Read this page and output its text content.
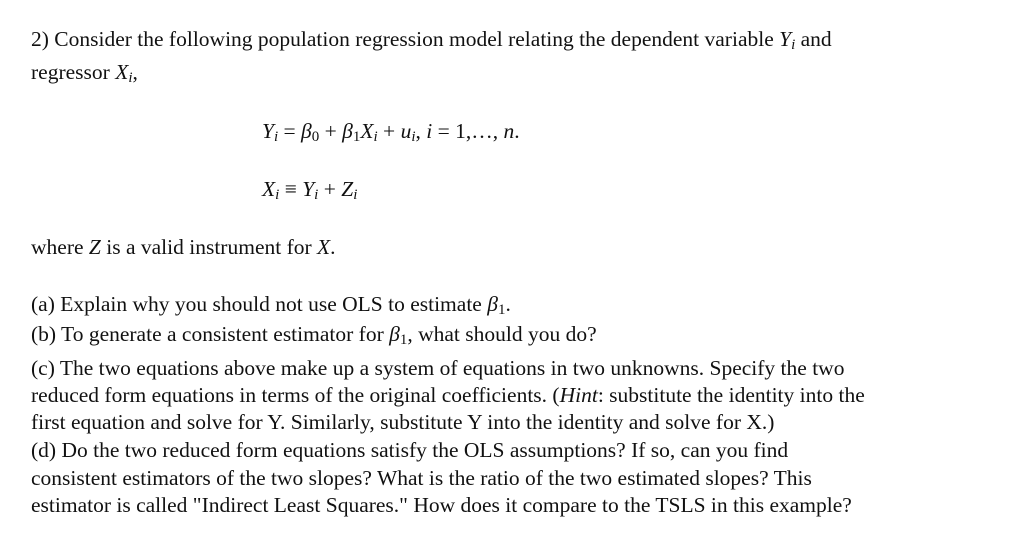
2) Consider the following population regression model relating the dependent variable $Y_i$ and
regressor $X_i$,
$Y_i = \beta_0 + \beta_1X_i + u_i$, i = 1,…, n.
$X_i \equiv Y_i + Z_i$
where Z is a valid instrument for X.
(a) Explain why you should not use OLS to estimate $\beta_1$.
(b) To generate a consistent estimator for $\beta_1$, what should you do?
(c) The two equations above make up a system of equations in two unknowns. Specify the two
reduced form equations in terms of the original coefficients. (Hint: substitute the identity into the
first equation and solve for Y. Similarly, substitute Y into the identity and solve for X.)
(d) Do the two reduced form equations satisfy the OLS assumptions? If so, can you find
consistent estimators of the two slopes? What is the ratio of the two estimated slopes? This
estimator is called "Indirect Least Squares." How does it compare to the TSLS in this example?
